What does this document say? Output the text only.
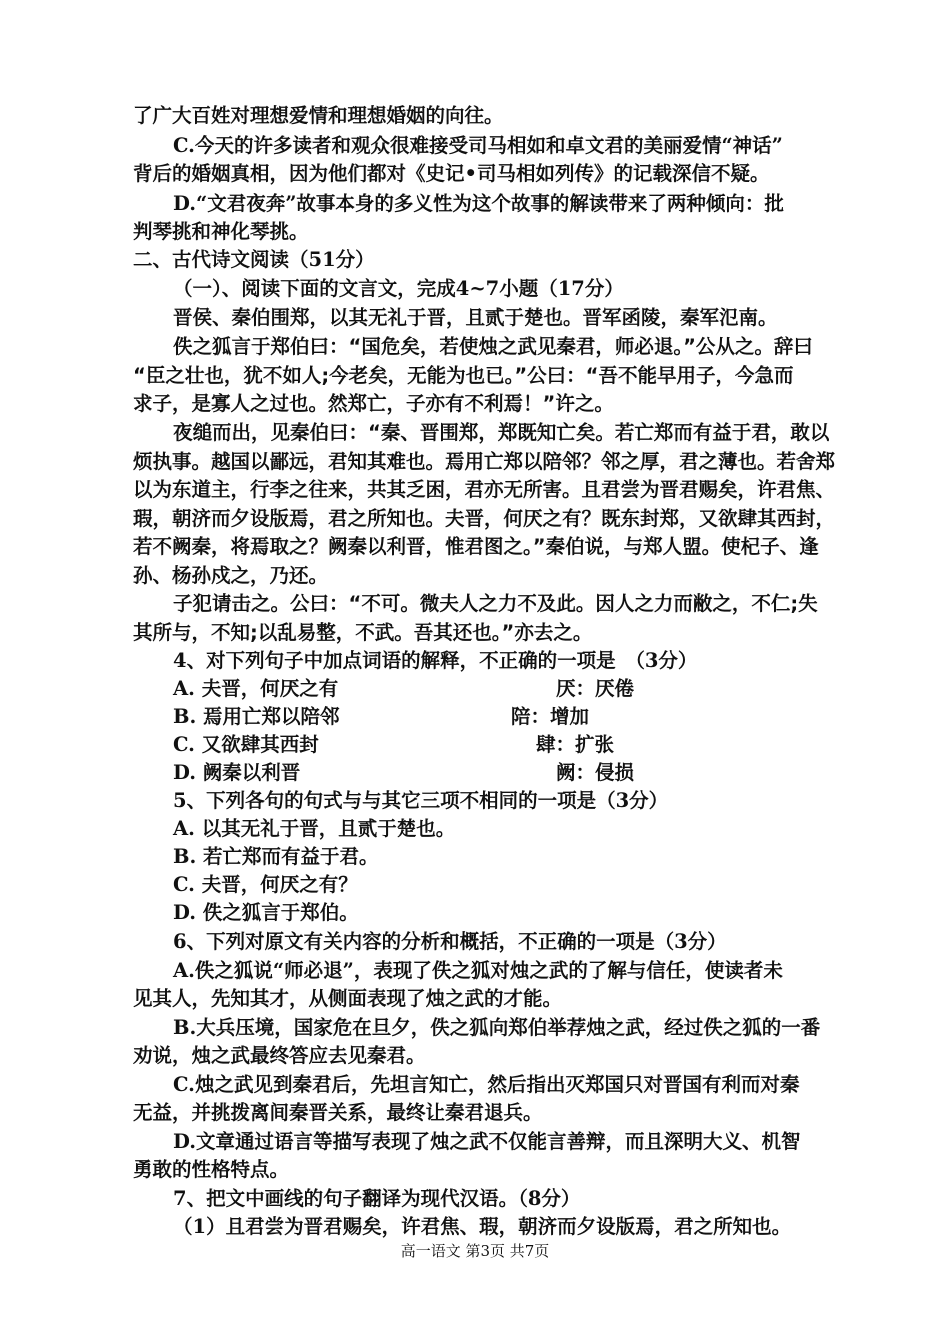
了广大百姓对理想爱情和理想婚姻的向往。
C.今天的许多读者和观众很难接受司马相如和卓文君的美丽爱情“神话”
背后的婚姻真相，因为他们都对《史记•司马相如列传》的记载深信不疑。
D.“文君夜奔”故事本身的多义性为这个故事的解读带来了两种倾向：批
判琴挑和神化琴挑。
二、古代诗文阅读（51分）
（一）、阅读下面的文言文，完成4~7小题（17分）
晋侯、秦伯围郑，以其无礼于晋，且贰于楚也。晋军函陵，秦军氾南。
佚之狐言于郑伯曰：“国危矣，若使烛之武见秦君，师必退。”公从之。辞曰
“臣之壮也，犹不如人;今老矣，无能为也已。”公曰：“吾不能早用子，今急而
求子，是寡人之过也。然郑亡，子亦有不利焉！”许之。
夜缒而出，见秦伯曰：“秦、晋围郑，郑既知亡矣。若亡郑而有益于君，敢以
烦执事。越国以鄙远，君知其难也。焉用亡郑以陪邻？邻之厚，君之薄也。若舍郑
以为东道主，行李之往来，共其乏困，君亦无所害。且君尝为晋君赐矣，许君焦、
瑕，朝济而夕设版焉，君之所知也。夫晋，何厌之有？既东封郑，又欲肆其西封，
若不阙秦，将焉取之？阙秦以利晋，惟君图之。”秦伯说，与郑人盟。使杞子、逢
孙、杨孙戍之，乃还。
子犯请击之。公曰：“不可。微夫人之力不及此。因人之力而敝之，不仁;失
其所与，不知;以乱易整，不武。吾其还也。”亦去之。
4、对下列句子中加点词语的解释，不正确的一项是　（3分）
A. 夫晋，何厌之有	厌：厌倦
B. 焉用亡郑以陪邻	陪：增加
C. 又欲肆其西封	肆：扩张
D. 阙秦以利晋	阙：侵损
5、下列各句的句式与与其它三项不相同的一项是（3分）
A. 以其无礼于晋，且贰于楚也。
B. 若亡郑而有益于君。
C. 夫晋，何厌之有？
D. 佚之狐言于郑伯。
6、下列对原文有关内容的分析和概括，不正确的一项是（3分）
A.佚之狐说“师必退”，表现了佚之狐对烛之武的了解与信任，使读者未
见其人，先知其才，从侧面表现了烛之武的才能。
B.大兵压境，国家危在旦夕，佚之狐向郑伯举荐烛之武，经过佚之狐的一番
劝说，烛之武最终答应去见秦君。
C.烛之武见到秦君后，先坦言知亡，然后指出灭郑国只对晋国有利而对秦
无益，并挑拨离间秦晋关系，最终让秦君退兵。
D.文章通过语言等描写表现了烛之武不仅能言善辩，而且深明大义、机智
勇敢的性格特点。
7、把文中画线的句子翻译为现代汉语。（8分）
（1）且君尝为晋君赐矣，许君焦、瑕，朝济而夕设版焉，君之所知也。
高一语文 第3页 共7页
